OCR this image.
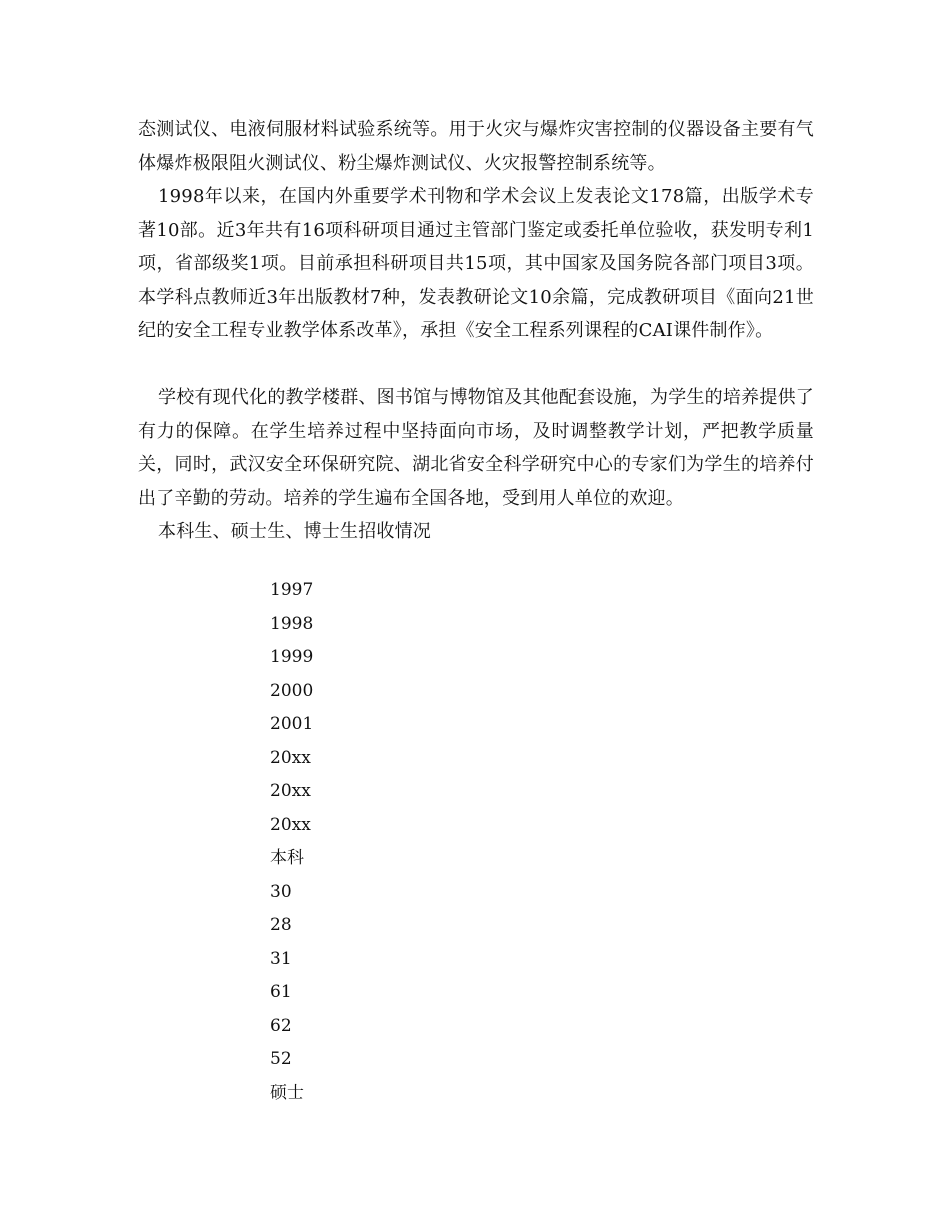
态测试仪、电液伺服材料试验系统等。用于火灾与爆炸灾害控制的仪器设备主要有气体爆炸极限阻火测试仪、粉尘爆炸测试仪、火灾报警控制系统等。

1998年以来，在国内外重要学术刊物和学术会议上发表论文178篇，出版学术专著10部。近3年共有16项科研项目通过主管部门鉴定或委托单位验收，获发明专利1项，省部级奖1项。目前承担科研项目共15项，其中国家及国务院各部门项目3项。本学科点教师近3年出版教材7种，发表教研论文10余篇，完成教研项目《面向21世纪的安全工程专业教学体系改革》，承担《安全工程系列课程的CAI课件制作》。

学校有现代化的教学楼群、图书馆与博物馆及其他配套设施，为学生的培养提供了有力的保障。在学生培养过程中坚持面向市场，及时调整教学计划，严把教学质量关，同时，武汉安全环保研究院、湖北省安全科学研究中心的专家们为学生的培养付出了辛勤的劳动。培养的学生遍布全国各地，受到用人单位的欢迎。

本科生、硕士生、博士生招收情况

1997
1998
1999
2000
2001
20xx
20xx
20xx
本科
30
28
31
61
62
52
硕士
